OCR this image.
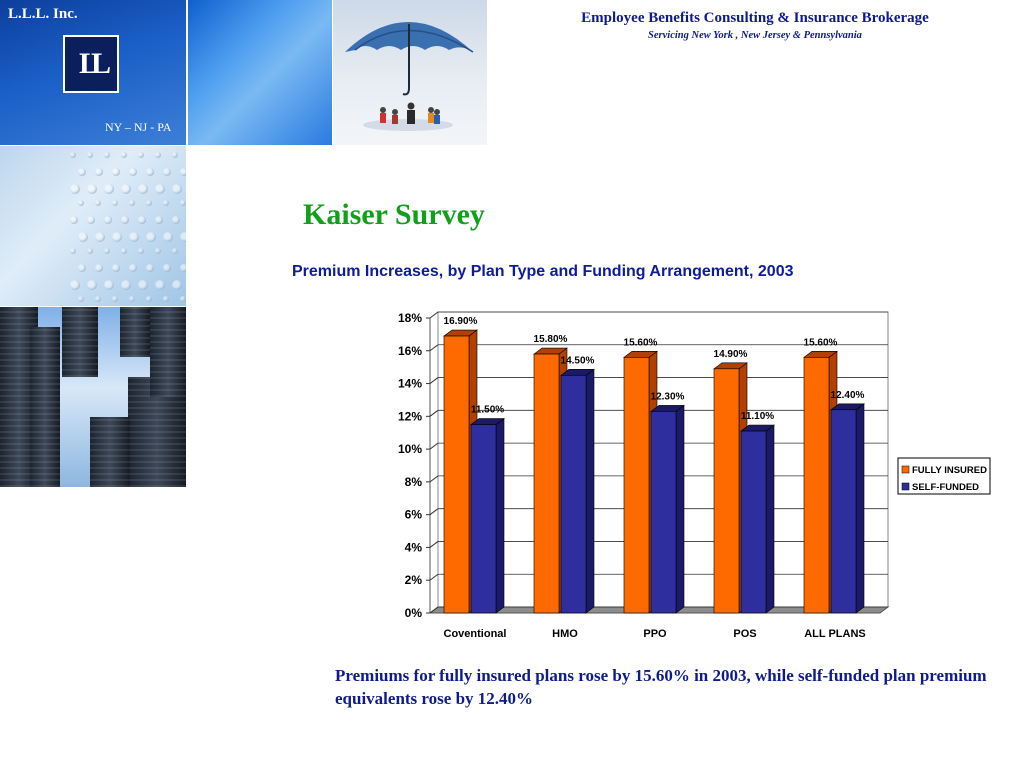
L.L.L. Inc.
LL
NY – NJ - PA
Employee Benefits Consulting & Insurance Brokerage
Servicing New York , New Jersey & Pennsylvania
Kaiser Survey
Premium Increases, by Plan Type and Funding Arrangement, 2003
0%
2%
4%
6%
8%
10%
12%
14%
16%
18% 16.90%
11.50%
Coventional
15.80%
14.50%
HMO
15.60%
12.30%
PPO
14.90%
11.10%
POS
15.60%
12.40%
ALL PLANS
FULLY INSURED
SELF-FUNDED
Premiums for fully insured plans rose by 15.60% in 2003, while self-funded plan premium equivalents rose by 12.40%
